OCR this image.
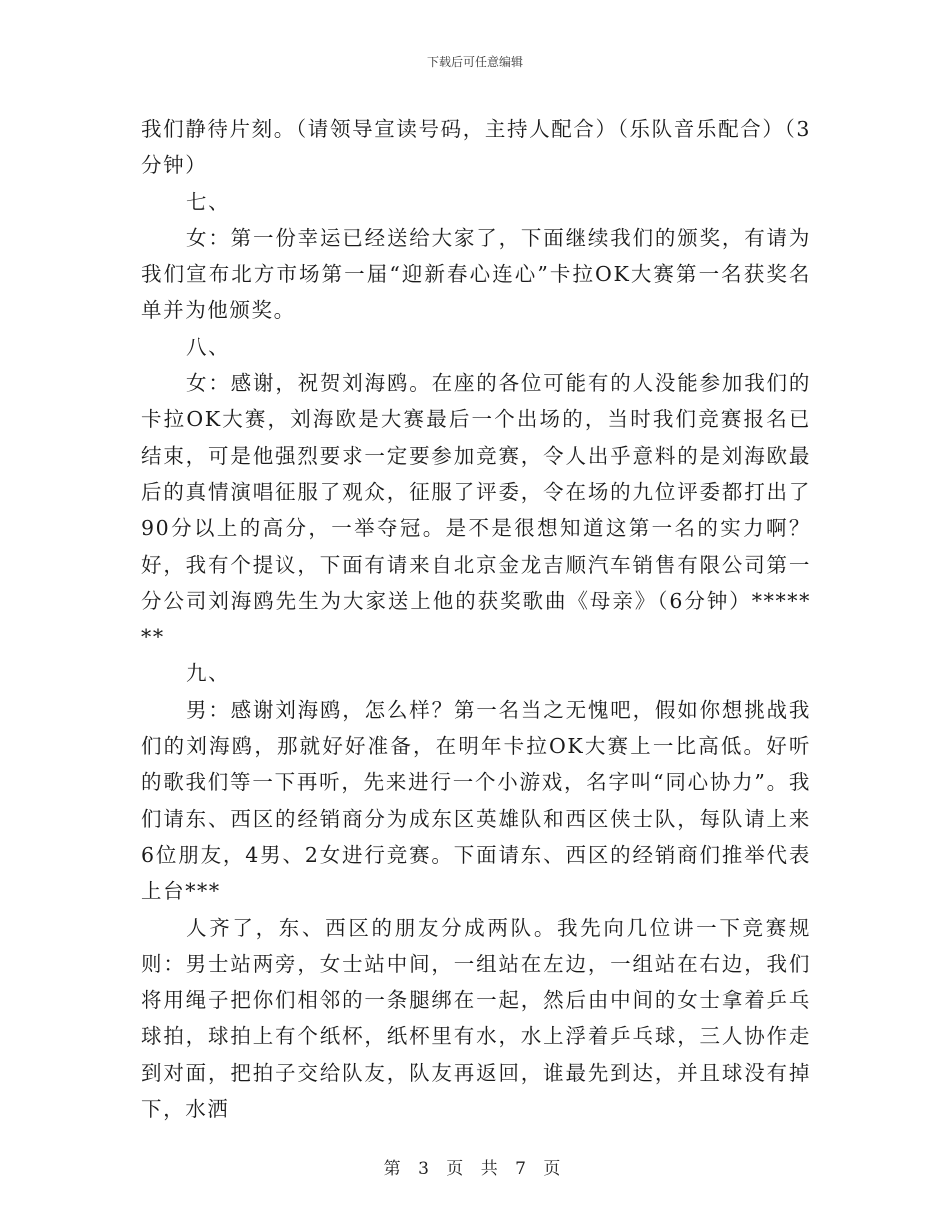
下载后可任意编辑

我们静待片刻。（请领导宣读号码，主持人配合）（乐队音乐配合）（3分钟）

七、

女：第一份幸运已经送给大家了，下面继续我们的颁奖，有请为我们宣布北方市场第一届“迎新春心连心”卡拉OK大赛第一名获奖名单并为他颁奖。

八、

女：感谢，祝贺刘海鸥。在座的各位可能有的人没能参加我们的卡拉OK大赛，刘海欧是大赛最后一个出场的，当时我们竞赛报名已结束，可是他强烈要求一定要参加竞赛，令人出乎意料的是刘海欧最后的真情演唱征服了观众，征服了评委，令在场的九位评委都打出了90分以上的高分，一举夺冠。是不是很想知道这第一名的实力啊？好，我有个提议，下面有请来自北京金龙吉顺汽车销售有限公司第一分公司刘海鸥先生为大家送上他的获奖歌曲《母亲》（6分钟）*******

九、

男：感谢刘海鸥，怎么样？第一名当之无愧吧，假如你想挑战我们的刘海鸥，那就好好准备，在明年卡拉OK大赛上一比高低。好听的歌我们等一下再听，先来进行一个小游戏，名字叫“同心协力”。我们请东、西区的经销商分为成东区英雄队和西区侠士队，每队请上来6位朋友，4男、2女进行竞赛。下面请东、西区的经销商们推举代表上台***

人齐了，东、西区的朋友分成两队。我先向几位讲一下竞赛规则：男士站两旁，女士站中间，一组站在左边，一组站在右边，我们将用绳子把你们相邻的一条腿绑在一起，然后由中间的女士拿着乒乓球拍，球拍上有个纸杯，纸杯里有水，水上浮着乒乓球，三人协作走到对面，把拍子交给队友，队友再返回，谁最先到达，并且球没有掉下，水洒

第 3 页 共 7 页
